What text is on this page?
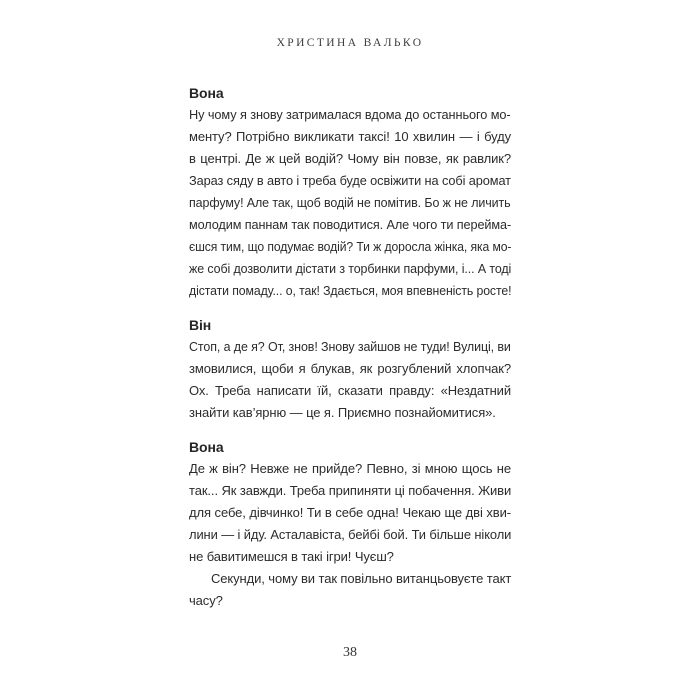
ХРИСТИНА ВАЛЬКО
Вона
Ну чому я знову затрималася вдома до останнього мо-
менту? Потрібно викликати таксі! 10 хвилин — і буду
в центрі. Де ж цей водій? Чому він повзе, як равлик?
Зараз сяду в авто і треба буде освіжити на собі аромат
парфуму! Але так, щоб водій не помітив. Бо ж не личить
молодим паннам так поводитися. Але чого ти перейма-
єшся тим, що подумає водій? Ти ж доросла жінка, яка мо-
же собі дозволити дістати з торбинки парфуми, і... А тоді
дістати помаду... о, так! Здається, моя впевненість росте!
Він
Стоп, а де я? От, знов! Знову зайшов не туди! Вулиці, ви
змовилися, щоби я блукав, як розгублений хлопчак?
Ох. Треба написати їй, сказати правду: «Нездатний
знайти кав’ярню — це я. Приємно познайомитися».
Вона
Де ж він? Невже не прийде? Певно, зі мною щось не
так... Як завжди. Треба припиняти ці побачення. Живи
для себе, дівчинко! Ти в себе одна! Чекаю ще дві хви-
лини — і йду. Асталавіста, бейбі бой. Ти більше ніколи
не бавитимешся в такі ігри! Чуєш?
Секунди, чому ви так повільно витанцьовуєте такт
часу?
38
